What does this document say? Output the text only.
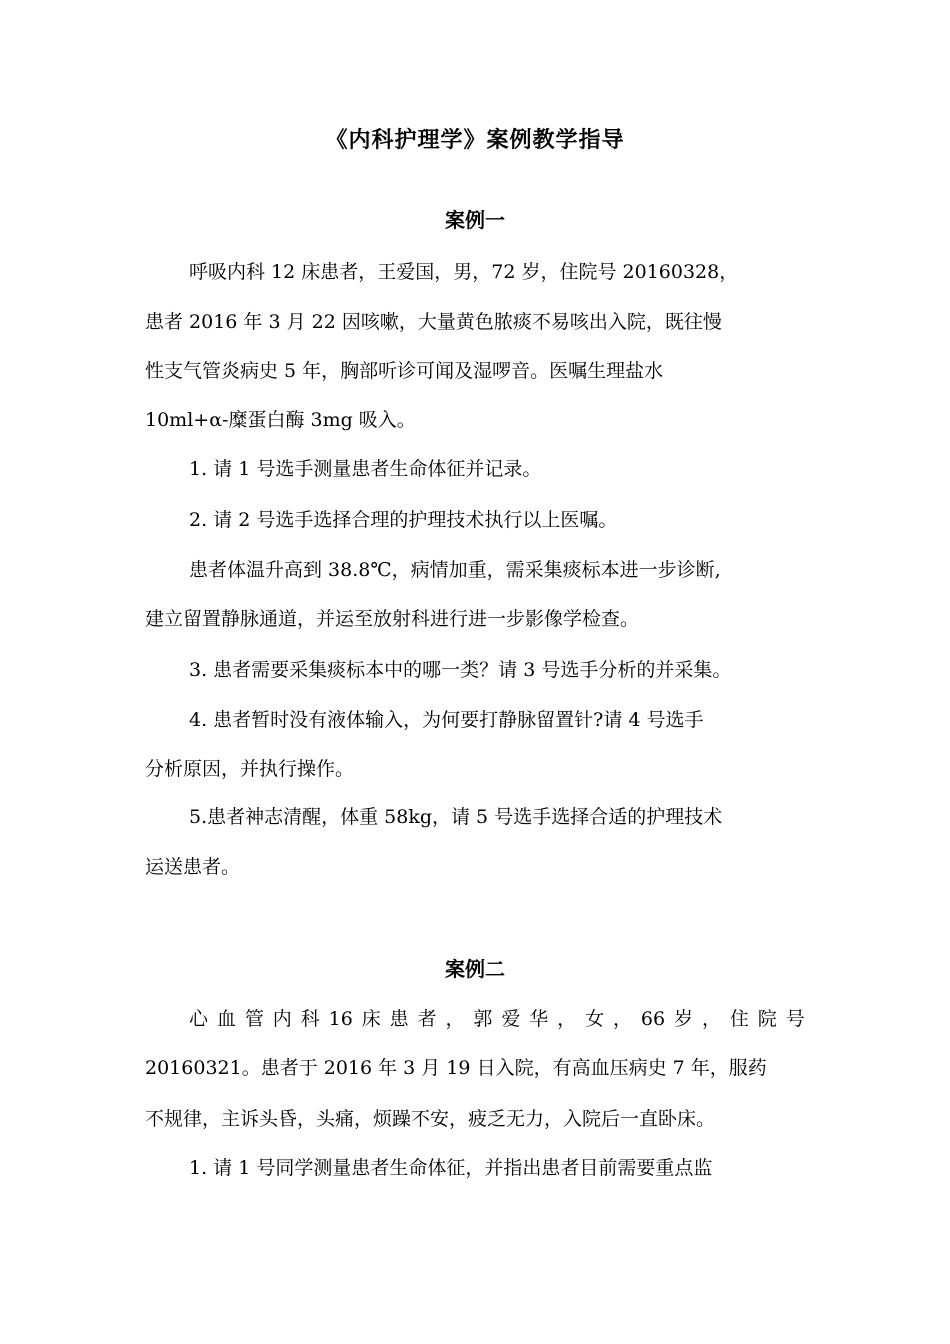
《内科护理学》案例教学指导
案例一
呼吸内科 12 床患者，王爱国，男，72 岁，住院号 20160328，
患者 2016 年 3 月 22 因咳嗽，大量黄色脓痰不易咳出入院，既往慢
性支气管炎病史 5 年，胸部听诊可闻及湿啰音。医嘱生理盐水
10ml+α-糜蛋白酶 3mg 吸入。
1. 请 1 号选手测量患者生命体征并记录。
2. 请 2 号选手选择合理的护理技术执行以上医嘱。
患者体温升高到 38.8℃，病情加重，需采集痰标本进一步诊断,
建立留置静脉通道，并运至放射科进行进一步影像学检查。
3. 患者需要采集痰标本中的哪一类？请 3 号选手分析的并采集。
4. 患者暂时没有液体输入，为何要打静脉留置针?请 4 号选手
分析原因，并执行操作。
5.患者神志清醒，体重 58kg，请 5 号选手选择合适的护理技术
运送患者。
案例二
心 血 管 内 科 16 床 患 者 ， 郭 爱 华 ， 女 ， 66 岁 ， 住 院 号
20160321。患者于 2016 年 3 月 19 日入院，有高血压病史 7 年，服药
不规律，主诉头昏，头痛，烦躁不安，疲乏无力，入院后一直卧床。
1. 请 1 号同学测量患者生命体征，并指出患者目前需要重点监
